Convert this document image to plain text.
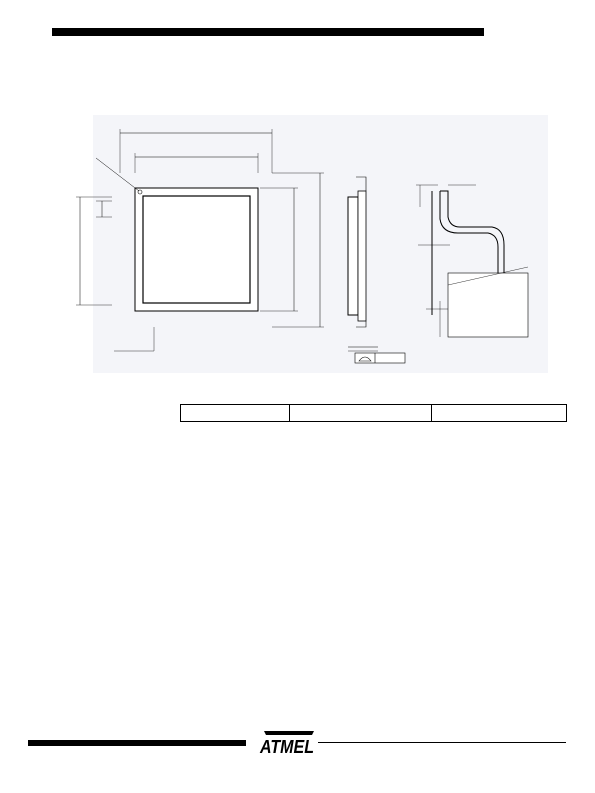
ATMEL
